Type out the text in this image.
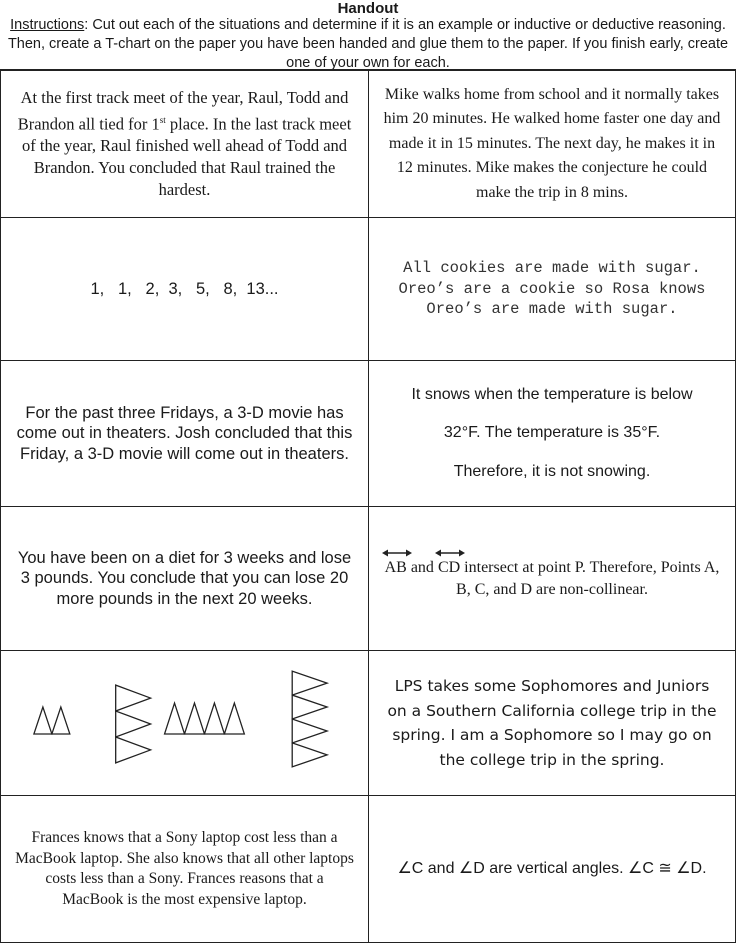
Handout
Instructions: Cut out each of the situations and determine if it is an example or inductive or deductive reasoning. Then, create a T-chart on the paper you have been handed and glue them to the paper. If you finish early, create one of your own for each.
At the first track meet of the year, Raul, Todd and Brandon all tied for 1st place. In the last track meet of the year, Raul finished well ahead of Todd and Brandon. You concluded that Raul trained the hardest.
Mike walks home from school and it normally takes him 20 minutes. He walked home faster one day and made it in 15 minutes. The next day, he makes it in 12 minutes. Mike makes the conjecture he could make the trip in 8 mins.
1,   1,   2,  3,   5,   8,  13...
All cookies are made with sugar. Oreo’s are a cookie so Rosa knows Oreo’s are made with sugar.
For the past three Fridays, a 3-D movie has come out in theaters. Josh concluded that this Friday, a 3-D movie will come out in theaters.

It snows when the temperature is below

32°F. The temperature is 35°F.

Therefore, it is not snowing.

You have been on a diet for 3 weeks and lose 3 pounds. You conclude that you can lose 20 more pounds in the next 20 weeks.
AB and
CD intersect at point P. Therefore, Points A, B, C, and D are non-collinear.
LPS takes some Sophomores and Juniors on a Southern California college trip in the spring. I am a Sophomore so I may go on the college trip in the spring.
Frances knows that a Sony laptop cost less than a MacBook laptop. She also knows that all other laptops costs less than a Sony. Frances reasons that a MacBook is the most expensive laptop.
∠C and ∠D are vertical angles. ∠C ≅ ∠D.
